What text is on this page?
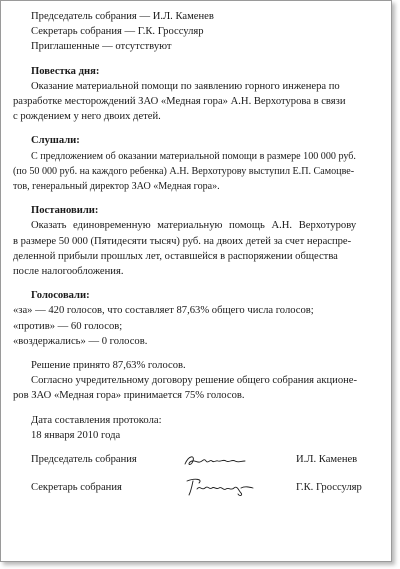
Председатель собрания — И.Л. Каменев
Секретарь собрания — Г.К. Гроссуляр
Приглашенные — отсутствуют
Повестка дня:
Оказание материальной помощи по заявлению горного инженера по
разработке месторождений ЗАО «Медная гора» А.Н. Верхотурова в связи
с рождением у него двоих детей.
Слушали:
С предложением об оказании материальной помощи в размере 100 000 руб.
(по 50 000 руб. на каждого ребенка) А.Н. Верхотурову выступил Е.П. Самоцве-
тов, генеральный директор ЗАО «Медная гора».
Постановили:
Оказать единовременную материальную помощь А.Н. Верхотурову
в размере 50 000 (Пятидесяти тысяч) руб. на двоих детей за счет нераспре-
деленной прибыли прошлых лет, оставшейся в распоряжении общества
после налогообложения.
Голосовали:
«за» — 420 голосов, что составляет 87,63% общего числа голосов;
«против» — 60 голосов;
«воздержались» — 0 голосов.
Решение принято 87,63% голосов.
Согласно учредительному договору решение общего собрания акционе-
ров ЗАО «Медная гора» принимается 75% голосов.
Дата составления протокола:
18 января 2010 года
Председатель собрания	И.Л. Каменев
Секретарь собрания	Г.К. Гроссуляр
